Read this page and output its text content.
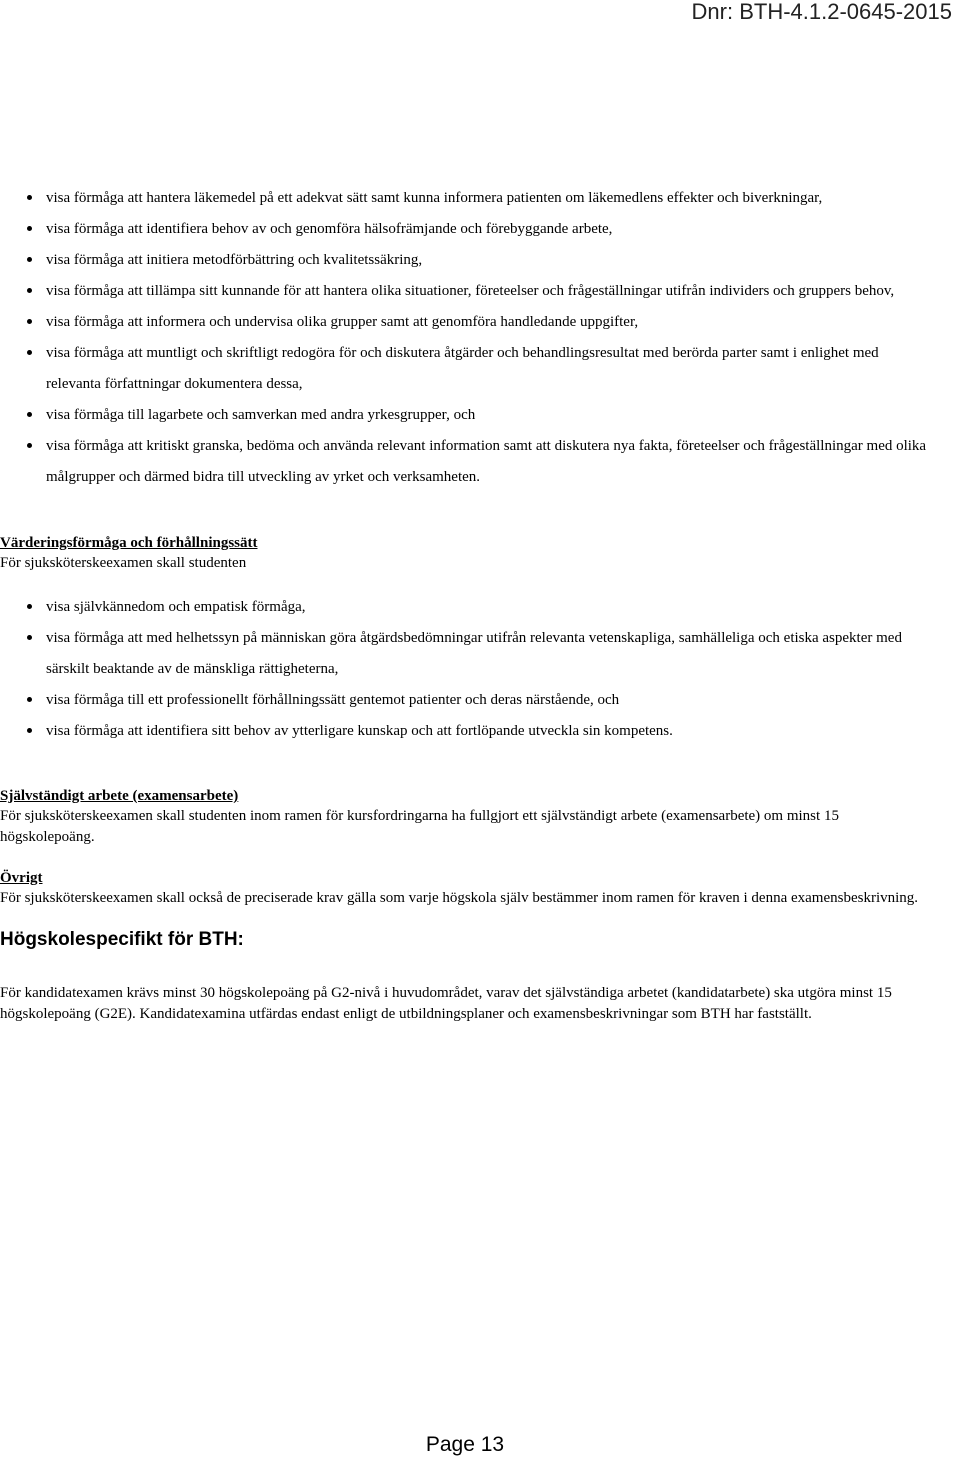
Dnr: BTH-4.1.2-0645-2015
visa förmåga att hantera läkemedel på ett adekvat sätt samt kunna informera patienten om läkemedlens effekter och biverkningar,
visa förmåga att identifiera behov av och genomföra hälsofrämjande och förebyggande arbete,
visa förmåga att initiera metodförbättring och kvalitetssäkring,
visa förmåga att tillämpa sitt kunnande för att hantera olika situationer, företeelser och frågeställningar utifrån individers och gruppers behov,
visa förmåga att informera och undervisa olika grupper samt att genomföra handledande uppgifter,
visa förmåga att muntligt och skriftligt redogöra för och diskutera åtgärder och behandlingsresultat med berörda parter samt i enlighet med relevanta författningar dokumentera dessa,
visa förmåga till lagarbete och samverkan med andra yrkesgrupper, och
visa förmåga att kritiskt granska, bedöma och använda relevant information samt att diskutera nya fakta, företeelser och frågeställningar med olika målgrupper och därmed bidra till utveckling av yrket och verksamheten.

Värderingsförmåga och förhållningssätt

För sjuksköterskeexamen skall studenten

visa självkännedom och empatisk förmåga,
visa förmåga att med helhetssyn på människan göra åtgärdsbedömningar utifrån relevanta vetenskapliga, samhälleliga och etiska aspekter med särskilt beaktande av de mänskliga rättigheterna,
visa förmåga till ett professionellt förhållningssätt gentemot patienter och deras närstående, och
visa förmåga att identifiera sitt behov av ytterligare kunskap och att fortlöpande utveckla sin kompetens.

Självständigt arbete (examensarbete)

För sjuksköterskeexamen skall studenten inom ramen för kursfordringarna ha fullgjort ett självständigt arbete (examensarbete) om minst 15 högskolepoäng.

Övrigt

För sjuksköterskeexamen skall också de preciserade krav gälla som varje högskola själv bestämmer inom ramen för kraven i denna examensbeskrivning.

Högskolespecifikt för BTH:

För kandidatexamen krävs minst 30 högskolepoäng på G2-nivå i huvudområdet, varav det självständiga arbetet (kandidatarbete) ska utgöra minst 15 högskolepoäng (G2E). Kandidatexamina utfärdas endast enligt de utbildningsplaner och examensbeskrivningar som BTH har fastställt.

Page 13
